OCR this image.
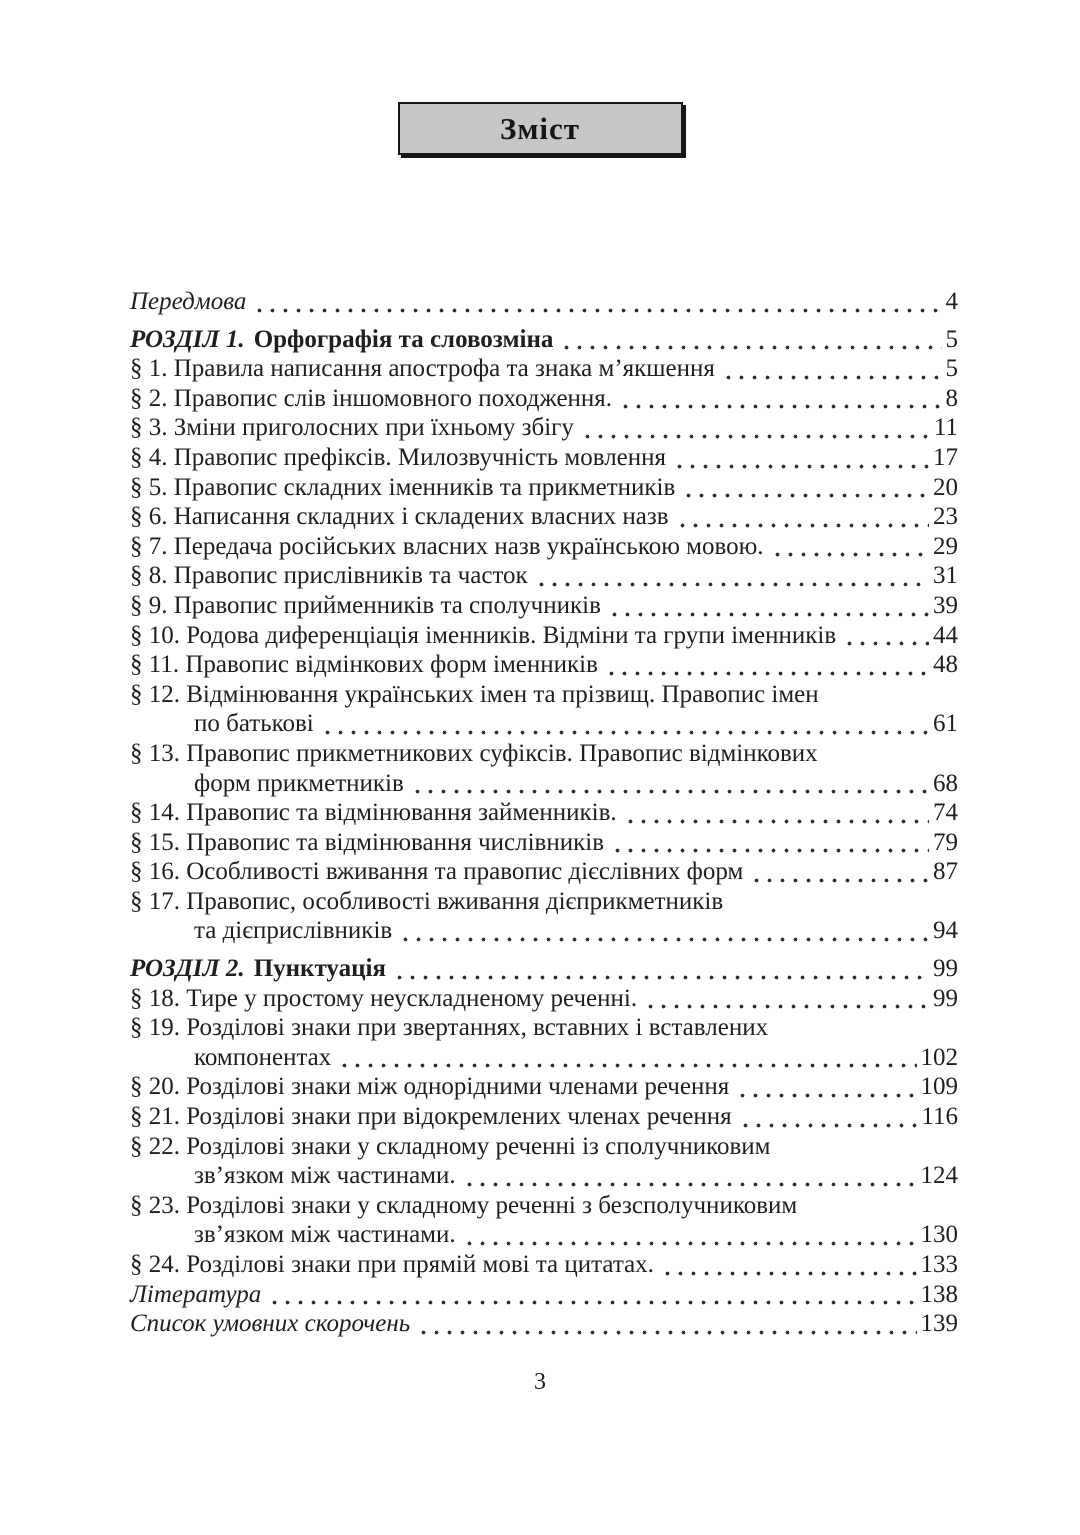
Зміст
Передмова	4
РОЗДІЛ 1. Орфографія та словозміна	5
§ 1. Правила написання апострофа та знака м’якшення	5
§ 2. Правопис слів іншомовного походження.	8
§ 3. Зміни приголосних при їхньому збігу	11
§ 4. Правопис префіксів. Милозвучність мовлення	17
§ 5. Правопис складних іменників та прикметників	20
§ 6. Написання складних і складених власних назв	23
§ 7. Передача російських власних назв українською мовою.	29
§ 8. Правопис прислівників та часток	31
§ 9. Правопис прийменників та сполучників	39
§ 10. Родова диференціація іменників. Відміни та групи іменників	44
§ 11. Правопис відмінкових форм іменників	48
§ 12. Відмінювання українських імен та прізвищ. Правопис імен
по батькові	61
§ 13. Правопис прикметникових суфіксів. Правопис відмінкових
форм прикметників	68
§ 14. Правопис та відмінювання займенників.	74
§ 15. Правопис та відмінювання числівників	79
§ 16. Особливості вживання та правопис дієслівних форм	87
§ 17. Правопис, особливості вживання дієприкметників
та дієприслівників	94
РОЗДІЛ 2. Пунктуація	99
§ 18. Тире у простому неускладненому реченні.	99
§ 19. Розділові знаки при звертаннях, вставних і вставлених
компонентах	102
§ 20. Розділові знаки між однорідними членами речення	109
§ 21. Розділові знаки при відокремлених членах речення	116
§ 22. Розділові знаки у складному реченні із сполучниковим
зв’язком між частинами.	124
§ 23. Розділові знаки у складному реченні з безсполучниковим
зв’язком між частинами.	130
§ 24. Розділові знаки при прямій мові та цитатах.	133
Література	138
Список умовних скорочень	139
3
